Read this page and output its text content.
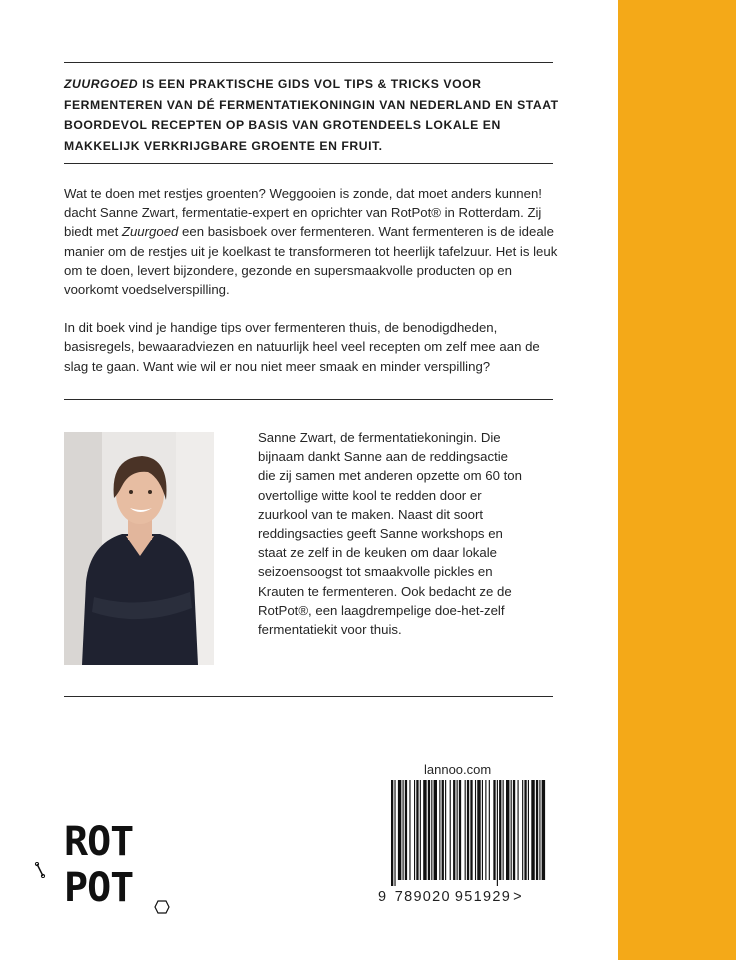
ZUURGOED IS EEN PRAKTISCHE GIDS VOL TIPS & TRICKS VOOR FERMENTEREN VAN DÉ FERMENTATIEKONINGIN VAN NEDERLAND EN STAAT BOORDEVOL RECEPTEN OP BASIS VAN GROTENDEELS LOKALE EN MAKKELIJK VERKRIJGBARE GROENTE EN FRUIT.

Wat te doen met restjes groenten? Weggooien is zonde, dat moet anders kunnen! dacht Sanne Zwart, fermentatie-expert en oprichter van RotPot® in Rotterdam. Zij biedt met Zuurgoed een basisboek over fermenteren. Want fermenteren is de ideale manier om de restjes uit je koelkast te transformeren tot heerlijk tafelzuur. Het is leuk om te doen, levert bijzondere, gezonde en supersmaakvolle producten op en voorkomt voedselverspilling.

In dit boek vind je handige tips over fermenteren thuis, de benodigdheden, basisregels, bewaaradviezen en natuurlijk heel veel recepten om zelf mee aan de slag te gaan. Want wie wil er nou niet meer smaak en minder verspilling?

Sanne Zwart, de fermentatiekoningin. Die bijnaam dankt Sanne aan de reddingsactie die zij samen met anderen opzette om 60 ton overtollige witte kool te redden door er zuurkool van te maken. Naast dit soort reddingsacties geeft Sanne workshops en staat ze zelf in de keuken om daar lokale seizoensoogst tot smaakvolle pickles en Krauten te fermenteren. Ook bedacht ze de RotPot®, een laagdrempelige doe-het-zelf fermentatiekit voor thuis.
lannoo.com
9 789020 951929 >
ROT
POT
